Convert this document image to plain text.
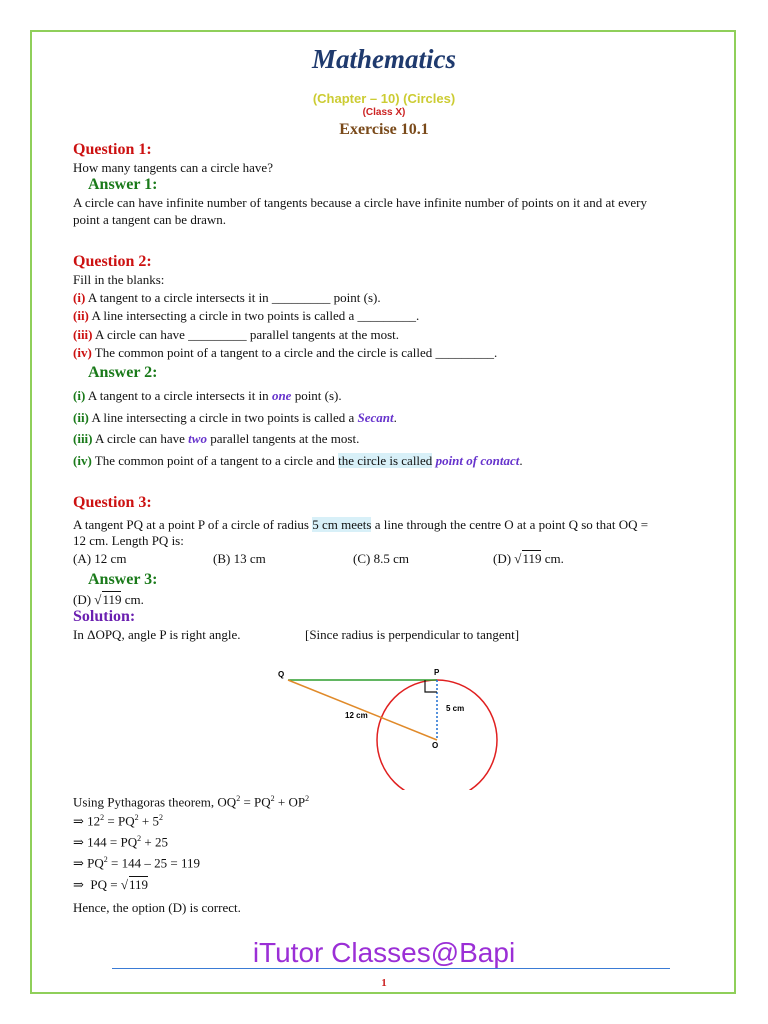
Mathematics
(Chapter – 10) (Circles)
(Class X)
Exercise 10.1
Question 1:
How many tangents can a circle have?
Answer 1:
A circle can have infinite number of tangents because a circle have infinite number of points on it and at every
point a tangent can be drawn.
Question 2:
Fill in the blanks:
(i) A tangent to a circle intersects it in _________ point (s).
(ii) A line intersecting a circle in two points is called a _________.
(iii) A circle can have _________ parallel tangents at the most.
(iv) The common point of a tangent to a circle and the circle is called _________.
Answer 2:
(i) A tangent to a circle intersects it in one point (s).
(ii) A line intersecting a circle in two points is called a Secant.
(iii) A circle can have two parallel tangents at the most.
(iv) The common point of a tangent to a circle and the circle is called point of contact.
Question 3:
A tangent PQ at a point P of a circle of radius 5 cm meets a line through the centre O at a point Q so that OQ =
12 cm. Length PQ is:
(A) 12 cm	(B) 13 cm	(C) 8.5 cm	(D) √119 cm.
Answer 3:
(D) √119 cm.
Solution:
In ΔOPQ, angle P is right angle.	[Since radius is perpendicular to tangent]
Q	P
O
5 cm
12 cm
Using Pythagoras theorem, $OQ^2 = PQ^2 + OP^2$
⇒ $12^2 = PQ^2 + 5^2$
⇒ $144 = PQ^2 + 25$
⇒ $PQ^2 = 144 - 25 = 119$
⇒ PQ = √119
Hence, the option (D) is correct.
iTutor Classes@Bapi
1
